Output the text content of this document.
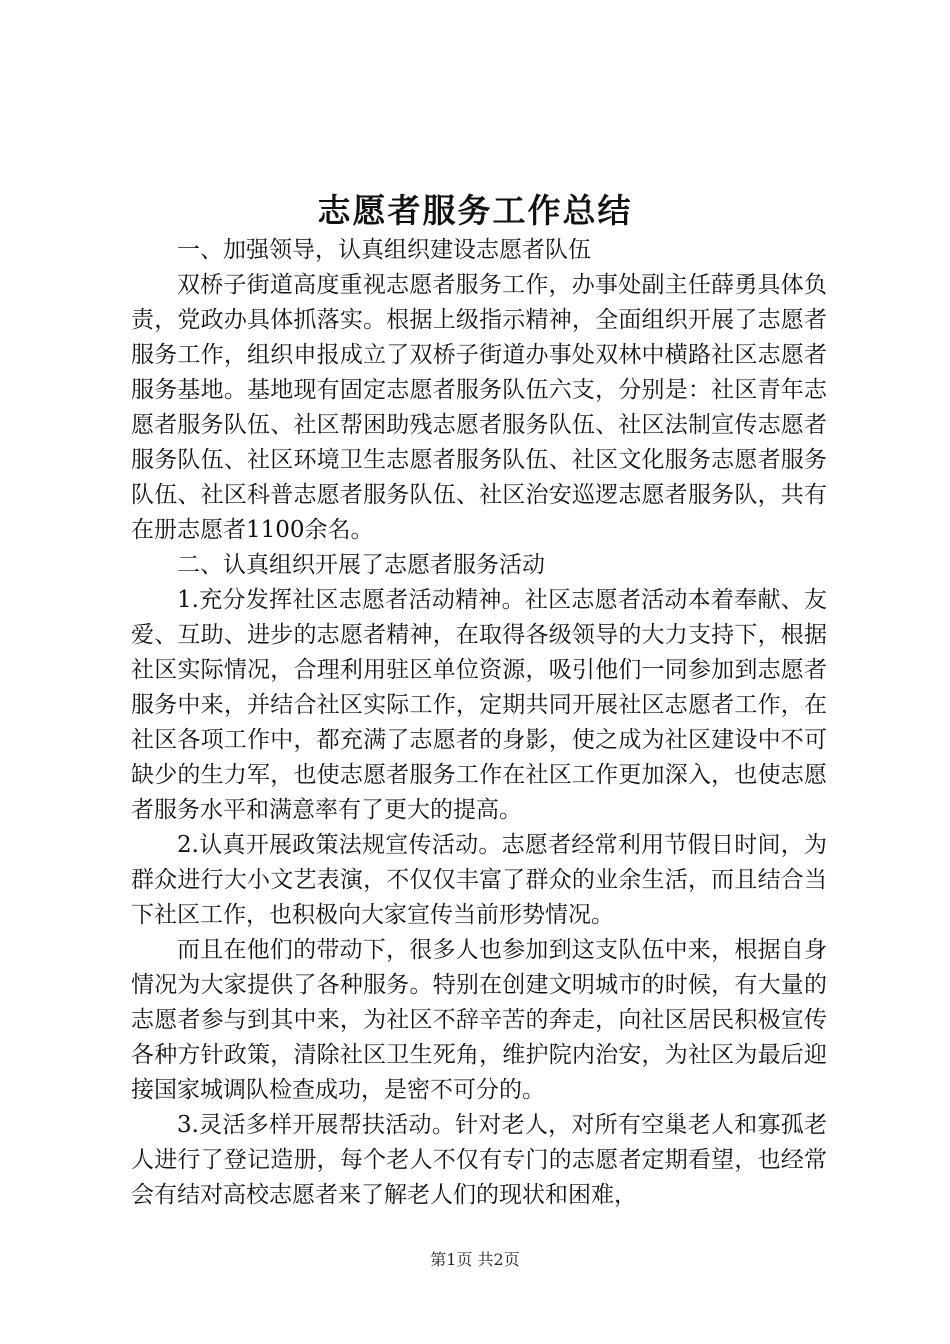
志愿者服务工作总结

一、加强领导，认真组织建设志愿者队伍

双桥子街道高度重视志愿者服务工作，办事处副主任薛勇具体负责，党政办具体抓落实。根据上级指示精神，全面组织开展了志愿者服务工作，组织申报成立了双桥子街道办事处双林中横路社区志愿者服务基地。基地现有固定志愿者服务队伍六支，分别是：社区青年志愿者服务队伍、社区帮困助残志愿者服务队伍、社区法制宣传志愿者服务队伍、社区环境卫生志愿者服务队伍、社区文化服务志愿者服务队伍、社区科普志愿者服务队伍、社区治安巡逻志愿者服务队，共有在册志愿者1100余名。

二、认真组织开展了志愿者服务活动

1.充分发挥社区志愿者活动精神。社区志愿者活动本着奉献、友爱、互助、进步的志愿者精神，在取得各级领导的大力支持下，根据社区实际情况，合理利用驻区单位资源，吸引他们一同参加到志愿者服务中来，并结合社区实际工作，定期共同开展社区志愿者工作，在社区各项工作中，都充满了志愿者的身影，使之成为社区建设中不可缺少的生力军，也使志愿者服务工作在社区工作更加深入，也使志愿者服务水平和满意率有了更大的提高。

2.认真开展政策法规宣传活动。志愿者经常利用节假日时间，为群众进行大小文艺表演，不仅仅丰富了群众的业余生活，而且结合当下社区工作，也积极向大家宣传当前形势情况。

而且在他们的带动下，很多人也参加到这支队伍中来，根据自身情况为大家提供了各种服务。特别在创建文明城市的时候，有大量的志愿者参与到其中来，为社区不辞辛苦的奔走，向社区居民积极宣传各种方针政策，清除社区卫生死角，维护院内治安，为社区为最后迎接国家城调队检查成功，是密不可分的。

3.灵活多样开展帮扶活动。针对老人，对所有空巢老人和寡孤老人进行了登记造册，每个老人不仅有专门的志愿者定期看望，也经常会有结对高校志愿者来了解老人们的现状和困难，

第1页 共2页
